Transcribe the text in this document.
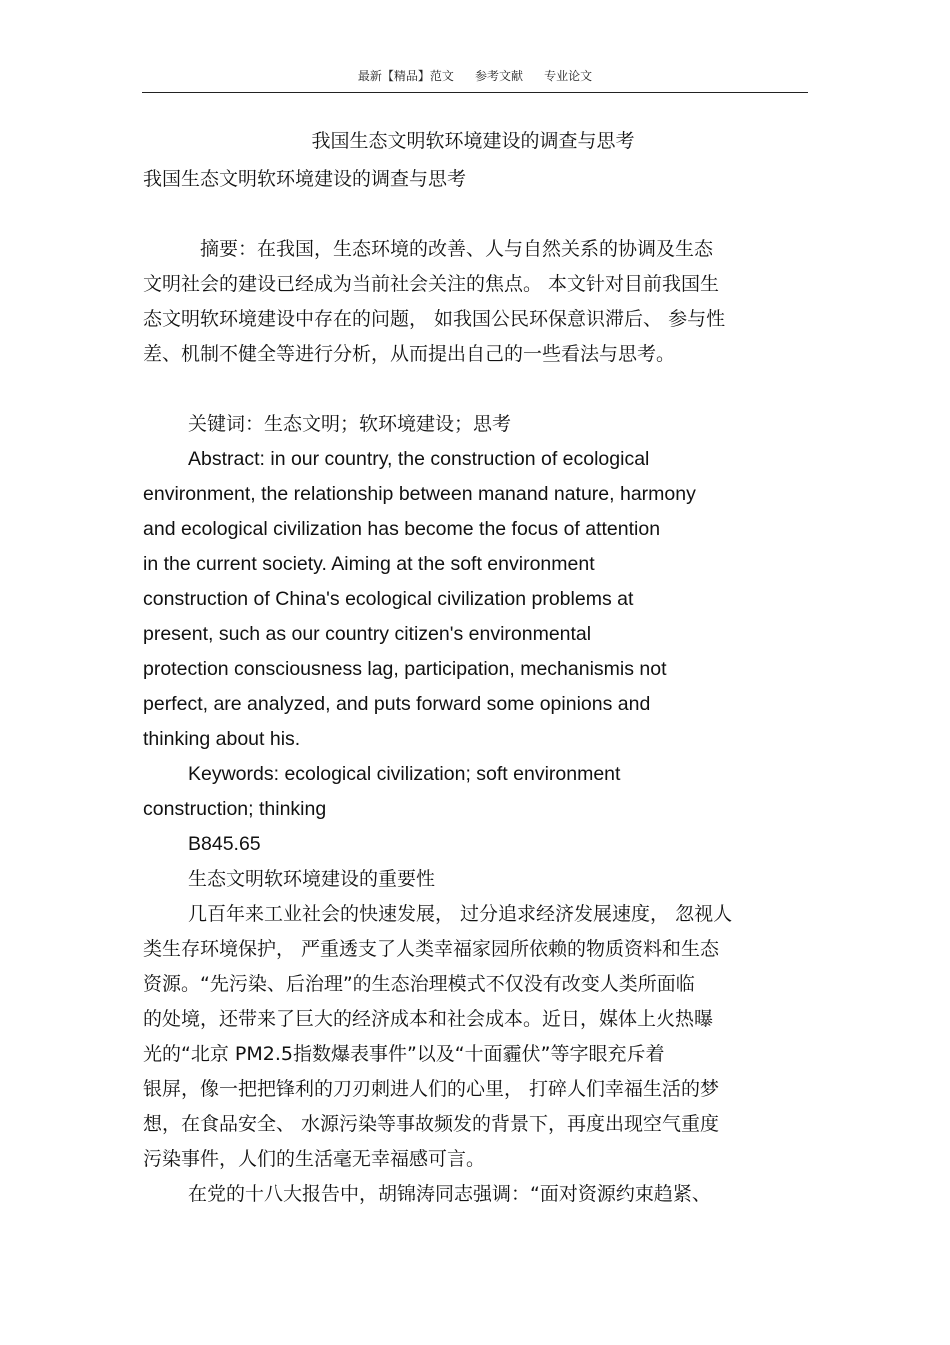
最新【精品】范文 参考文献 专业论文
我国生态文明软环境建设的调查与思考
我国生态文明软环境建设的调查与思考
摘要：在我国，生态环境的改善、人与自然关系的协调及生态
文明社会的建设已经成为当前社会关注的焦点。 本文针对目前我国生
态文明软环境建设中存在的问题， 如我国公民环保意识滞后、 参与性
差、机制不健全等进行分析，从而提出自己的一些看法与思考。
关键词：生态文明；软环境建设；思考
Abstract: in our country, the construction of ecological
environment, the relationship between manand nature, harmony
and ecological civilization has become the focus of attention
in the current society. Aiming at the soft environment
construction of China's ecological civilization problems at
present, such as our country citizen's environmental
protection consciousness lag, participation, mechanismis not
perfect, are analyzed, and puts forward some opinions and
thinking about his.
Keywords: ecological civilization; soft environment
construction; thinking
B845.65
生态文明软环境建设的重要性
几百年来工业社会的快速发展， 过分追求经济发展速度， 忽视人
类生存环境保护， 严重透支了人类幸福家园所依赖的物质资料和生态
资源。“先污染、后治理”的生态治理模式不仅没有改变人类所面临
的处境，还带来了巨大的经济成本和社会成本。近日，媒体上火热曝
光的“北京 PM2.5指数爆表事件”以及“十面霾伏”等字眼充斥着
银屏，像一把把锋利的刀刃刺进人们的心里， 打碎人们幸福生活的梦
想，在食品安全、 水源污染等事故频发的背景下，再度出现空气重度
污染事件，人们的生活毫无幸福感可言。
在党的十八大报告中，胡锦涛同志强调：“面对资源约束趋紧、
